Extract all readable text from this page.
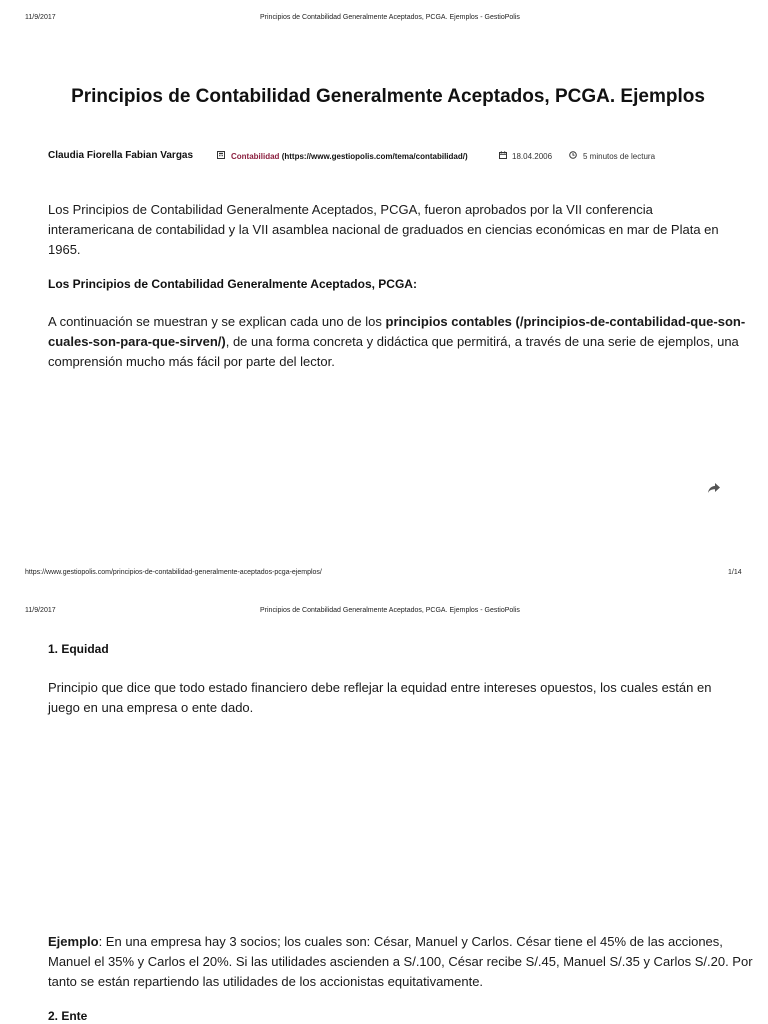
11/9/2017	Principios de Contabilidad Generalmente Aceptados, PCGA. Ejemplos - GestioPolis
Principios de Contabilidad Generalmente Aceptados, PCGA. Ejemplos
Claudia Fiorella Fabian Vargas	Contabilidad (https://www.gestiopolis.com/tema/contabilidad/)	18.04.2006	5 minutos de lectura
Los Principios de Contabilidad Generalmente Aceptados, PCGA, fueron aprobados por la VII conferencia
interamericana de contabilidad y la VII asamblea nacional de graduados en ciencias económicas en mar de Plata en
1965.
Los Principios de Contabilidad Generalmente Aceptados, PCGA:
A continuación se muestran y se explican cada uno de los principios contables (/principios-de-contabilidad-que-son-
cuales-son-para-que-sirven/), de una forma concreta y didáctica que permitirá, a través de una serie de ejemplos, una
comprensión mucho más fácil por parte del lector.
https://www.gestiopolis.com/principios-de-contabilidad-generalmente-aceptados-pcga-ejemplos/	1/14
11/9/2017	Principios de Contabilidad Generalmente Aceptados, PCGA. Ejemplos - GestioPolis
1. Equidad
Principio que dice que todo estado financiero debe reflejar la equidad entre intereses opuestos, los cuales están en
juego en una empresa o ente dado.
Ejemplo: En una empresa hay 3 socios; los cuales son: César, Manuel y Carlos. César tiene el 45% de las acciones,
Manuel el 35% y Carlos el 20%. Si las utilidades ascienden a S/.100, César recibe S/.45, Manuel S/.35 y Carlos S/.20. Por
tanto se están repartiendo las utilidades de los accionistas equitativamente.
2. Ente
